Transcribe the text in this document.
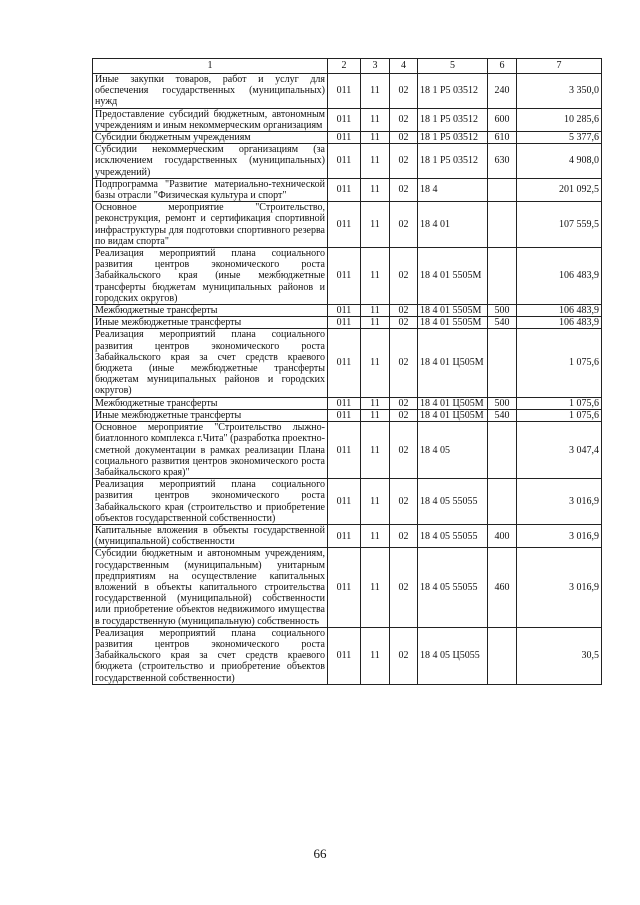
1	2	3	4	5	6	7
Иные закупки товаров, работ и услуг для обеспечения государственных (муниципальных) нужд	011	11	02	18 1 Р5 03512	240	3 350,0
Предоставление субсидий бюджетным, автономным учреждениям и иным некоммерческим организациям	011	11	02	18 1 Р5 03512	600	10 285,6
Субсидии бюджетным учреждениям	011	11	02	18 1 Р5 03512	610	5 377,6
Субсидии некоммерческим организациям (за исключением государственных (муниципальных) учреждений)	011	11	02	18 1 Р5 03512	630	4 908,0
Подпрограмма "Развитие материально-технической базы отрасли "Физическая культура и спорт"	011	11	02	18 4		201 092,5
Основное мероприятие "Строительство, реконструкция, ремонт и сертификация спортивной инфраструктуры для подготовки спортивного резерва по видам спорта"	011	11	02	18 4 01		107 559,5
Реализация мероприятий плана социального развития центров экономического роста Забайкальского края (иные межбюджетные трансферты бюджетам муниципальных районов и городских округов)	011	11	02	18 4 01 5505М		106 483,9
Межбюджетные трансферты	011	11	02	18 4 01 5505М	500	106 483,9
Иные межбюджетные трансферты	011	11	02	18 4 01 5505М	540	106 483,9
Реализация мероприятий плана социального развития центров экономического роста Забайкальского края за счет средств краевого бюджета (иные межбюджетные трансферты бюджетам муниципальных районов и городских округов)	011	11	02	18 4 01 Ц505М		1 075,6
Межбюджетные трансферты	011	11	02	18 4 01 Ц505М	500	1 075,6
Иные межбюджетные трансферты	011	11	02	18 4 01 Ц505М	540	1 075,6
Основное мероприятие "Строительство лыжно-биатлонного комплекса г.Чита" (разработка проектно-сметной документации в рамках реализации Плана социального развития центров экономического роста Забайкальского края)"	011	11	02	18 4 05		3 047,4
Реализация мероприятий плана социального развития центров экономического роста Забайкальского края (строительство и приобретение объектов государственной собственности)	011	11	02	18 4 05 55055		3 016,9
Капитальные вложения в объекты государственной (муниципальной) собственности	011	11	02	18 4 05 55055	400	3 016,9
Субсидии бюджетным и автономным учреждениям, государственным (муниципальным) унитарным предприятиям на осуществление капитальных вложений в объекты капитального строительства государственной (муниципальной) собственности или приобретение объектов недвижимого имущества в государственную (муниципальную) собственность	011	11	02	18 4 05 55055	460	3 016,9
Реализация мероприятий плана социального развития центров экономического роста Забайкальского края за счет средств краевого бюджета (строительство и приобретение объектов государственной собственности)	011	11	02	18 4 05 Ц5055		30,5
66
